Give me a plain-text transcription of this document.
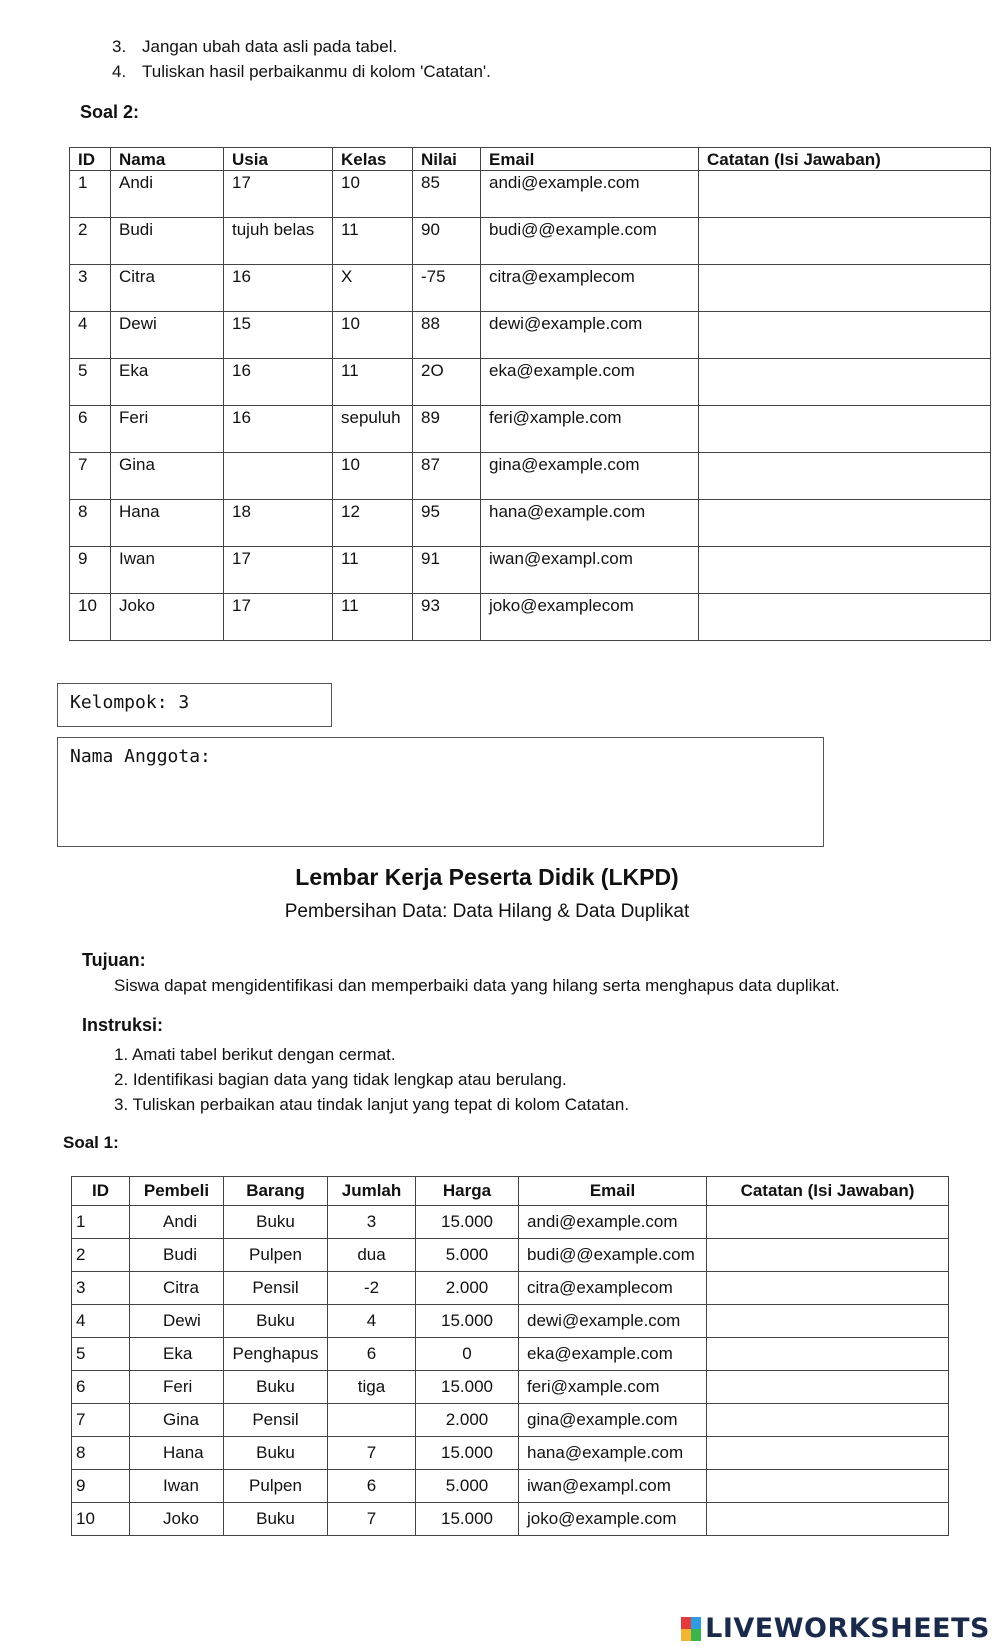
3. Jangan ubah data asli pada tabel.
4. Tuliskan hasil perbaikanmu di kolom 'Catatan'.
Soal 2:
ID	Nama	Usia	Kelas	Nilai	Email	Catatan (Isi Jawaban)
1	Andi	17	10	85	andi@example.com	
2	Budi	tujuh belas	11	90	budi@@example.com	
3	Citra	16	X	-75	citra@examplecom	
4	Dewi	15	10	88	dewi@example.com	
5	Eka	16	11	2O	eka@example.com	
6	Feri	16	sepuluh	89	feri@xample.com	
7	Gina		10	87	gina@example.com	
8	Hana	18	12	95	hana@example.com	
9	Iwan	17	11	91	iwan@exampl.com	
10	Joko	17	11	93	joko@examplecom	
Kelompok: 3
Nama Anggota:
Lembar Kerja Peserta Didik (LKPD)
Pembersihan Data: Data Hilang & Data Duplikat
Tujuan:
Siswa dapat mengidentifikasi dan memperbaiki data yang hilang serta menghapus data duplikat.
Instruksi:
1. Amati tabel berikut dengan cermat.
2. Identifikasi bagian data yang tidak lengkap atau berulang.
3. Tuliskan perbaikan atau tindak lanjut yang tepat di kolom Catatan.
Soal 1:
ID	Pembeli	Barang	Jumlah	Harga	Email	Catatan (Isi Jawaban)
1	Andi	Buku	3	15.000	andi@example.com	
2	Budi	Pulpen	dua	5.000	budi@@example.com	
3	Citra	Pensil	-2	2.000	citra@examplecom	
4	Dewi	Buku	4	15.000	dewi@example.com	
5	Eka	Penghapus	6	0	eka@example.com	
6	Feri	Buku	tiga	15.000	feri@xample.com	
7	Gina	Pensil		2.000	gina@example.com	
8	Hana	Buku	7	15.000	hana@example.com	
9	Iwan	Pulpen	6	5.000	iwan@exampl.com	
10	Joko	Buku	7	15.000	joko@example.com	
LIVEWORKSHEETS
